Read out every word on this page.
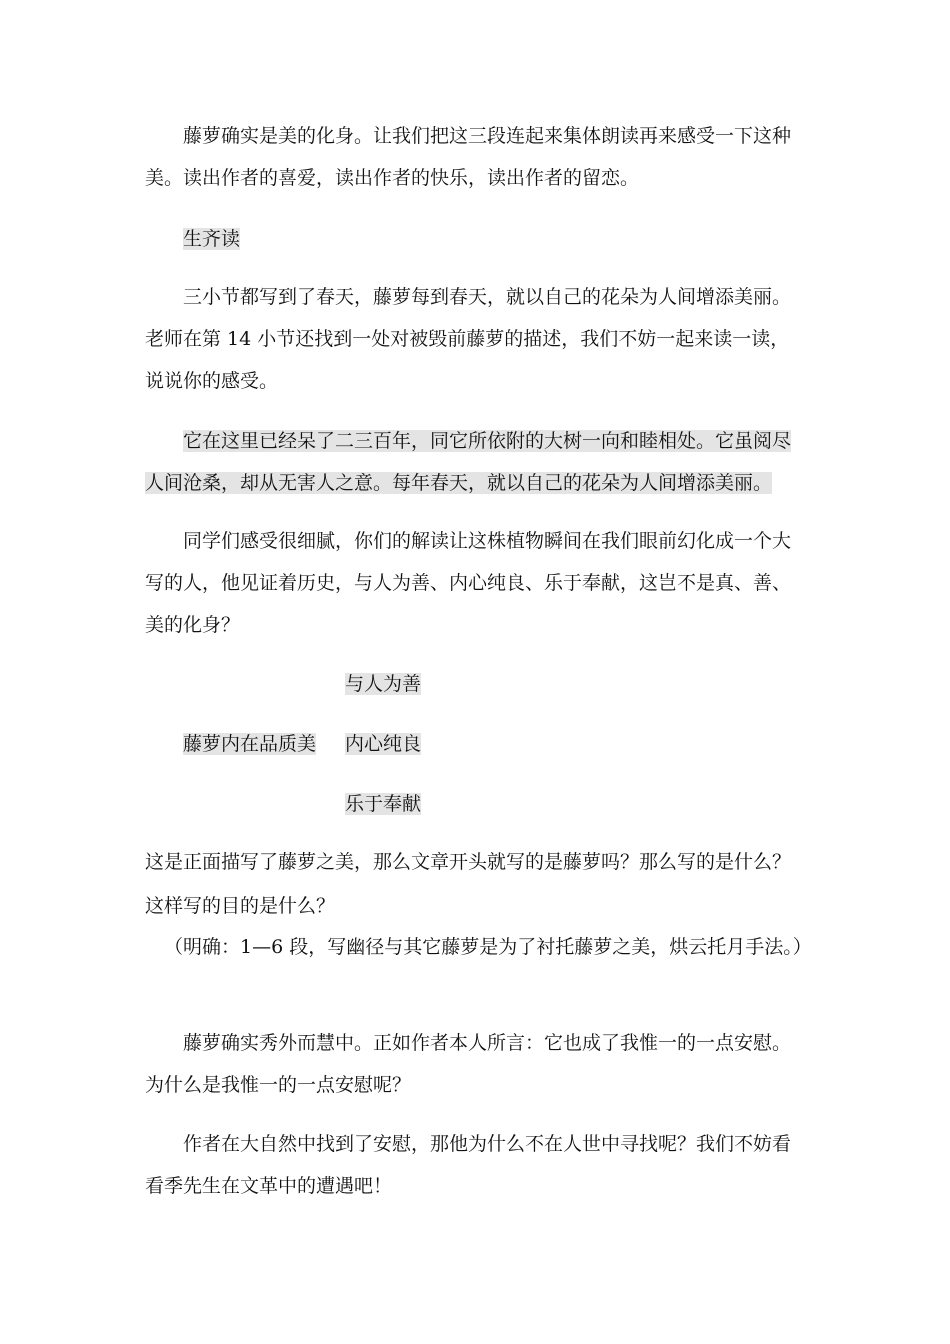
藤萝确实是美的化身。让我们把这三段连起来集体朗读再来感受一下这种美。读出作者的喜爱，读出作者的快乐，读出作者的留恋。

生齐读

三小节都写到了春天，藤萝每到春天，就以自己的花朵为人间增添美丽。老师在第 14 小节还找到一处对被毁前藤萝的描述，我们不妨一起来读一读，说说你的感受。

它在这里已经呆了二三百年，同它所依附的大树一向和睦相处。它虽阅尽人间沧桑，却从无害人之意。每年春天，就以自己的花朵为人间增添美丽。

同学们感受很细腻，你们的解读让这株植物瞬间在我们眼前幻化成一个大写的人，他见证着历史，与人为善、内心纯良、乐于奉献，这岂不是真、善、美的化身？

与人为善
藤萝内在品质美 内心纯良
乐于奉献

这是正面描写了藤萝之美，那么文章开头就写的是藤萝吗？那么写的是什么？这样写的目的是什么？

（明确：1—6 段，写幽径与其它藤萝是为了衬托藤萝之美，烘云托月手法。）

藤萝确实秀外而慧中。正如作者本人所言：它也成了我惟一的一点安慰。为什么是我惟一的一点安慰呢？

作者在大自然中找到了安慰，那他为什么不在人世中寻找呢？我们不妨看看季先生在文革中的遭遇吧！
